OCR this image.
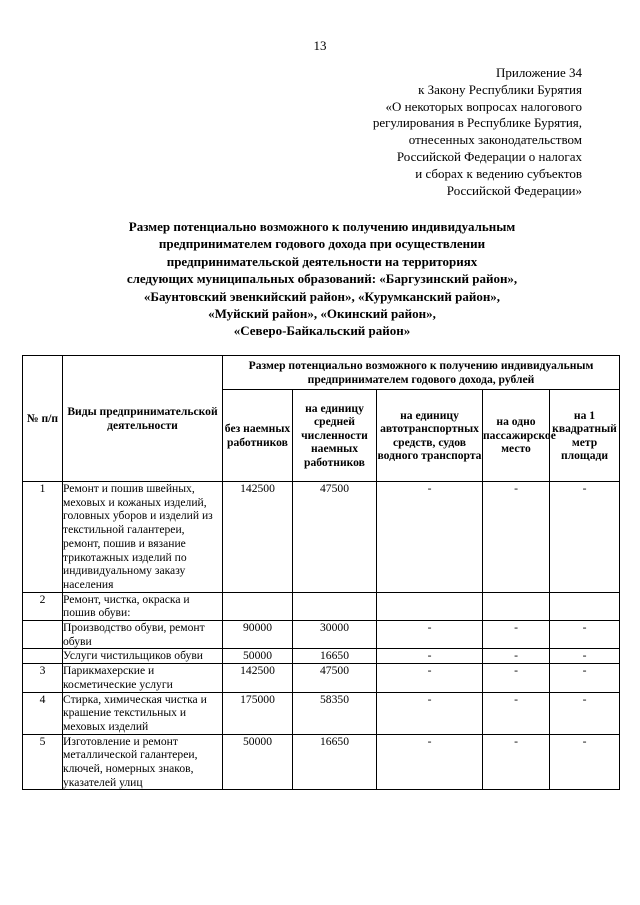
13
Приложение 34
к Закону Республики Бурятия
«О некоторых вопросах налогового
регулирования в Республике Бурятия,
отнесенных законодательством
Российской Федерации о налогах
и сборах к ведению субъектов
Российской Федерации»
Размер потенциально возможного к получению индивидуальным
предпринимателем годового дохода при осуществлении
предпринимательской деятельности на территориях
следующих муниципальных образований: «Баргузинский район»,
«Баунтовский эвенкийский район», «Курумканский район»,
«Муйский район», «Окинский район»,
«Северо-Байкальский район»
№ п/п	Виды предпринимательской деятельности	Размер потенциально возможного к получению индивидуальным предпринимателем годового дохода, рублей				
		без наемных работников	на единицу средней численности наемных работников	на единицу автотранспортных средств, судов водного транспорта	на одно пассажирское место	на 1 квадратный метр площади
1	Ремонт и пошив швейных, меховых и кожаных изделий, головных уборов и изделий из текстильной галантереи, ремонт, пошив и вязание трикотажных изделий по индивидуальному заказу населения	142500	47500	-	-	-
2	Ремонт, чистка, окраска и пошив обуви:					
	Производство обуви, ремонт обуви	90000	30000	-	-	-
	Услуги чистильщиков обуви	50000	16650	-	-	-
3	Парикмахерские и косметические услуги	142500	47500	-	-	-
4	Стирка, химическая чистка и крашение текстильных и меховых изделий	175000	58350	-	-	-
5	Изготовление и ремонт металлической галантереи, ключей, номерных знаков, указателей улиц	50000	16650	-	-	-
